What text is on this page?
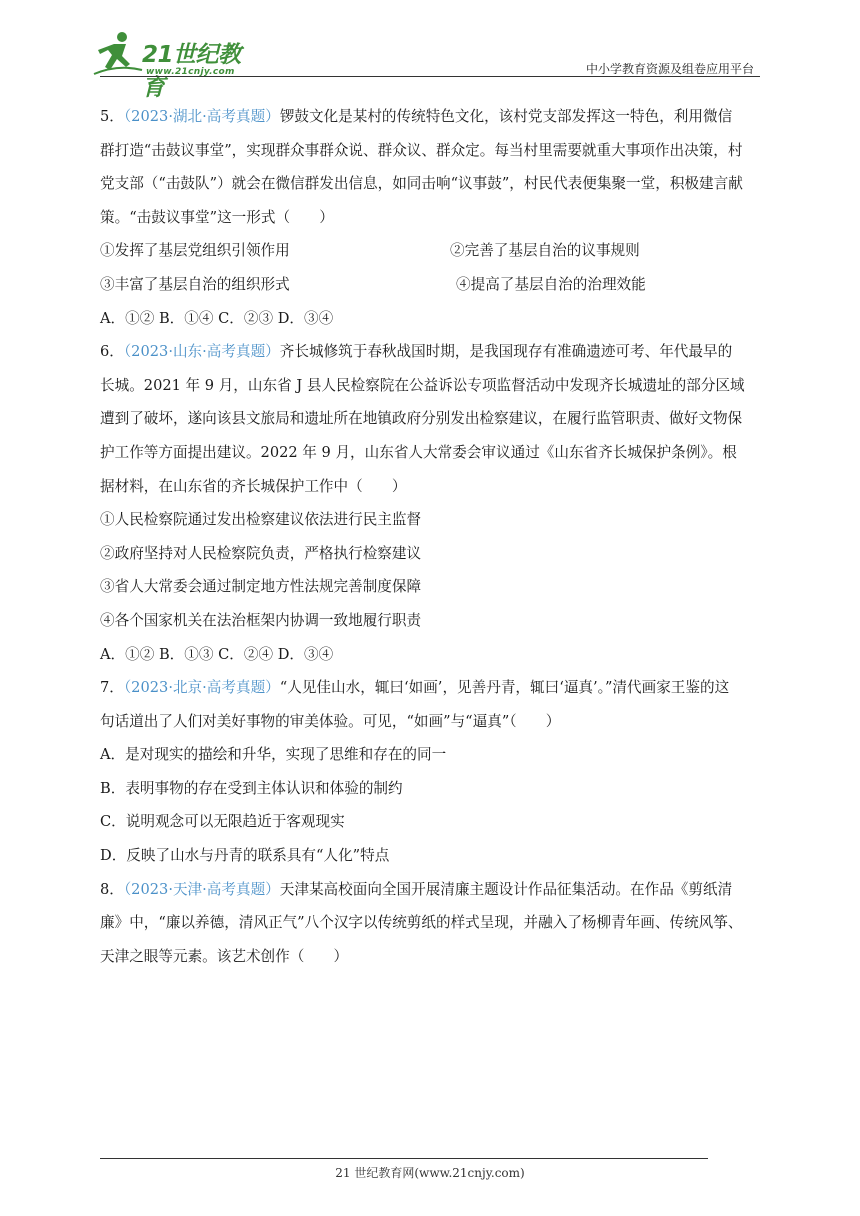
21世纪教育
www.21cnjy.com	中小学教育资源及组卷应用平台
5．（2023·湖北·高考真题）锣鼓文化是某村的传统特色文化，该村党支部发挥这一特色，利用微信
群打造“击鼓议事堂”，实现群众事群众说、群众议、群众定。每当村里需要就重大事项作出决策，村
党支部（“击鼓队”）就会在微信群发出信息，如同击响“议事鼓”，村民代表便集聚一堂，积极建言献
策。“击鼓议事堂”这一形式（　　）
①发挥了基层党组织引领作用	②完善了基层自治的议事规则
③丰富了基层自治的组织形式	④提高了基层自治的治理效能
A．①② B．①④ C．②③ D．③④
6．（2023·山东·高考真题）齐长城修筑于春秋战国时期，是我国现存有准确遗迹可考、年代最早的
长城。2021 年 9 月，山东省 J 县人民检察院在公益诉讼专项监督活动中发现齐长城遗址的部分区域
遭到了破坏，遂向该县文旅局和遗址所在地镇政府分别发出检察建议，在履行监管职责、做好文物保
护工作等方面提出建议。2022 年 9 月，山东省人大常委会审议通过《山东省齐长城保护条例》。根
据材料，在山东省的齐长城保护工作中（　　）
①人民检察院通过发出检察建议依法进行民主监督
②政府坚持对人民检察院负责，严格执行检察建议
③省人大常委会通过制定地方性法规完善制度保障
④各个国家机关在法治框架内协调一致地履行职责
A．①② B．①③ C．②④ D．③④
7．（2023·北京·高考真题）“人见佳山水，辄曰‘如画’，见善丹青，辄曰‘逼真’。”清代画家王鉴的这
句话道出了人们对美好事物的审美体验。可见，“如画”与“逼真”（　　）
A．是对现实的描绘和升华，实现了思维和存在的同一
B．表明事物的存在受到主体认识和体验的制约
C．说明观念可以无限趋近于客观现实
D．反映了山水与丹青的联系具有“人化”特点
8．（2023·天津·高考真题）天津某高校面向全国开展清廉主题设计作品征集活动。在作品《剪纸清
廉》中，“廉以养德，清风正气”八个汉字以传统剪纸的样式呈现，并融入了杨柳青年画、传统风筝、
天津之眼等元素。该艺术创作（　　）
21 世纪教育网(www.21cnjy.com)
